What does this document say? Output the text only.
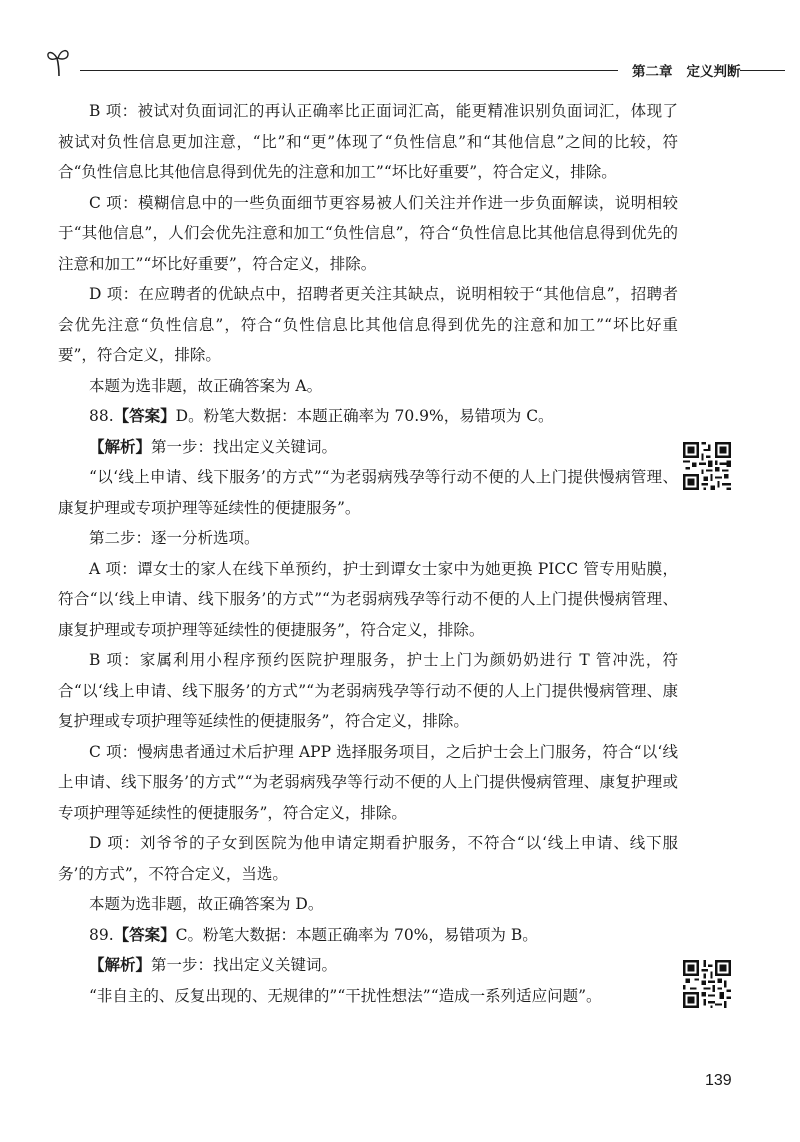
第二章 定义判断

B 项：被试对负面词汇的再认正确率比正面词汇高，能更精准识别负面词汇，体现了被试对负性信息更加注意，“比”和“更”体现了“负性信息”和“其他信息”之间的比较，符合“负性信息比其他信息得到优先的注意和加工”“坏比好重要”，符合定义，排除。

C 项：模糊信息中的一些负面细节更容易被人们关注并作进一步负面解读，说明相较于“其他信息”，人们会优先注意和加工“负性信息”，符合“负性信息比其他信息得到优先的注意和加工”“坏比好重要”，符合定义，排除。

D 项：在应聘者的优缺点中，招聘者更关注其缺点，说明相较于“其他信息”，招聘者会优先注意“负性信息”，符合“负性信息比其他信息得到优先的注意和加工”“坏比好重要”，符合定义，排除。

本题为选非题，故正确答案为 A。

88.【答案】D。粉笔大数据：本题正确率为 70.9%，易错项为 C。

【解析】第一步：找出定义关键词。

“以‘线上申请、线下服务’的方式”“为老弱病残孕等行动不便的人上门提供慢病管理、康复护理或专项护理等延续性的便捷服务”。

第二步：逐一分析选项。

A 项：谭女士的家人在线下单预约，护士到谭女士家中为她更换 PICC 管专用贴膜，符合“以‘线上申请、线下服务’的方式”“为老弱病残孕等行动不便的人上门提供慢病管理、康复护理或专项护理等延续性的便捷服务”，符合定义，排除。

B 项：家属利用小程序预约医院护理服务，护士上门为颜奶奶进行 T 管冲洗，符合“以‘线上申请、线下服务’的方式”“为老弱病残孕等行动不便的人上门提供慢病管理、康复护理或专项护理等延续性的便捷服务”，符合定义，排除。

C 项：慢病患者通过术后护理 APP 选择服务项目，之后护士会上门服务，符合“以‘线上申请、线下服务’的方式”“为老弱病残孕等行动不便的人上门提供慢病管理、康复护理或专项护理等延续性的便捷服务”，符合定义，排除。

D 项：刘爷爷的子女到医院为他申请定期看护服务，不符合“以‘线上申请、线下服务’的方式”，不符合定义，当选。

本题为选非题，故正确答案为 D。

89.【答案】C。粉笔大数据：本题正确率为 70%，易错项为 B。

【解析】第一步：找出定义关键词。

“非自主的、反复出现的、无规律的”“干扰性想法”“造成一系列适应问题”。

139
